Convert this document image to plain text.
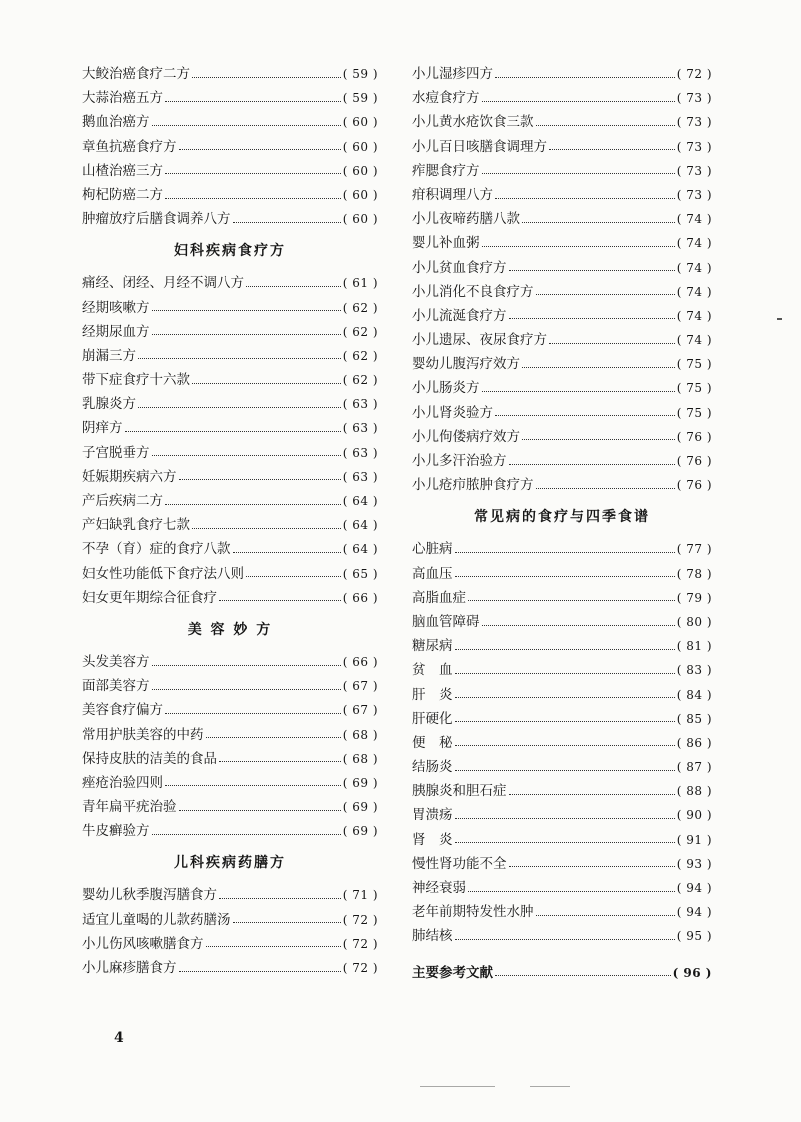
大鲛治癌食疗二方	( 59 )
大蒜治癌五方	( 59 )
鹅血治癌方	( 60 )
章鱼抗癌食疗方	( 60 )
山楂治癌三方	( 60 )
枸杞防癌二方	( 60 )
肿瘤放疗后膳食调养八方	( 60 )
妇科疾病食疗方
痛经、闭经、月经不调八方	( 61 )
经期咳嗽方	( 62 )
经期尿血方	( 62 )
崩漏三方	( 62 )
带下症食疗十六款	( 62 )
乳腺炎方	( 63 )
阴痒方	( 63 )
子宫脱垂方	( 63 )
妊娠期疾病六方	( 63 )
产后疾病二方	( 64 )
产妇缺乳食疗七款	( 64 )
不孕（育）症的食疗八款	( 64 )
妇女性功能低下食疗法八则	( 65 )
妇女更年期综合征食疗	( 66 )
美 容 妙 方
头发美容方	( 66 )
面部美容方	( 67 )
美容食疗偏方	( 67 )
常用护肤美容的中药	( 68 )
保持皮肤的洁美的食品	( 68 )
痤疮治验四则	( 69 )
青年扁平疣治验	( 69 )
牛皮癣验方	( 69 )
儿科疾病药膳方
婴幼儿秋季腹泻膳食方	( 71 )
适宜儿童喝的儿款药膳汤	( 72 )
小儿伤风咳嗽膳食方	( 72 )
小儿麻疹膳食方	( 72 )
小儿湿疹四方	( 72 )
水痘食疗方	( 73 )
小儿黄水疮饮食三款	( 73 )
小儿百日咳膳食调理方	( 73 )
痄腮食疗方	( 73 )
疳积调理八方	( 73 )
小儿夜啼药膳八款	( 74 )
婴儿补血粥	( 74 )
小儿贫血食疗方	( 74 )
小儿消化不良食疗方	( 74 )
小儿流涎食疗方	( 74 )
小儿遗尿、夜尿食疗方	( 74 )
婴幼儿腹泻疗效方	( 75 )
小儿肠炎方	( 75 )
小儿肾炎验方	( 75 )
小儿佝偻病疗效方	( 76 )
小儿多汗治验方	( 76 )
小儿疮疖脓肿食疗方	( 76 )
常见病的食疗与四季食谱
心脏病	( 77 )
高血压	( 78 )
高脂血症	( 79 )
脑血管障碍	( 80 )
糖尿病	( 81 )
贫　血	( 83 )
肝　炎	( 84 )
肝硬化	( 85 )
便　秘	( 86 )
结肠炎	( 87 )
胰腺炎和胆石症	( 88 )
胃溃疡	( 90 )
肾　炎	( 91 )
慢性肾功能不全	( 93 )
神经衰弱	( 94 )
老年前期特发性水肿	( 94 )
肺结核	( 95 )
主要参考文献	( 96 )
4
